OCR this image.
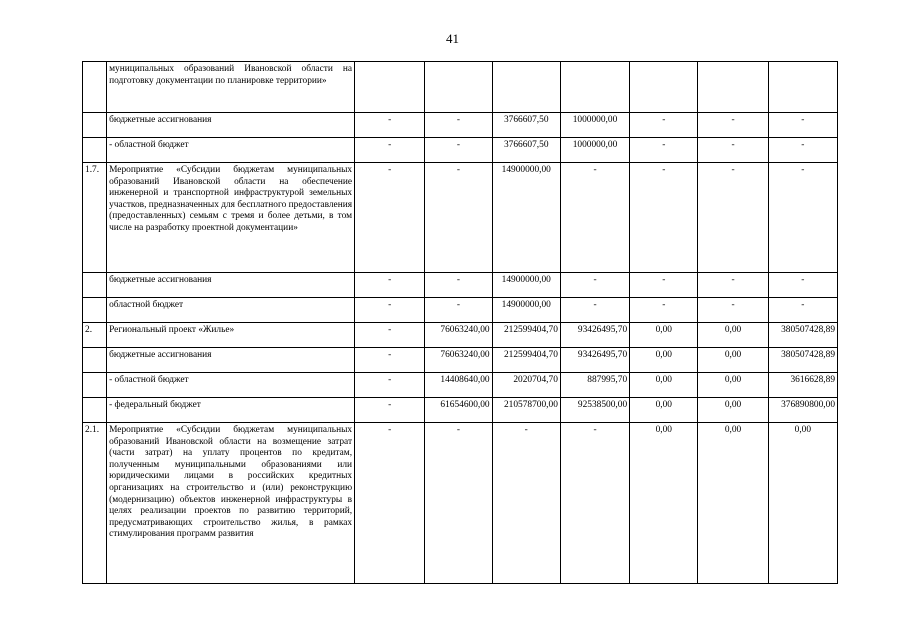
41
	муниципальных образований Ивановской области на подготовку документации по планировке территории»							
	бюджетные ассигнования	-	-	3766607,50	1000000,00	-	-	-
	- областной бюджет	-	-	3766607,50	1000000,00	-	-	-
1.7.	Мероприятие «Субсидии бюджетам муниципальных образований Ивановской области на обеспечение инженерной и транспортной инфраструктурой земельных участков, предназначенных для бесплатного предоставления (предоставленных) семьям с тремя и более детьми, в том числе на разработку проектной документации»	-	-	14900000,00	-	-	-	-
	бюджетные ассигнования	-	-	14900000,00	-	-	-	-
	областной бюджет	-	-	14900000,00	-	-	-	-
2.	Региональный проект «Жилье»	-	76063240,00	212599404,70	93426495,70	0,00	0,00	380507428,89
	бюджетные ассигнования	-	76063240,00	212599404,70	93426495,70	0,00	0,00	380507428,89
	- областной бюджет	-	14408640,00	2020704,70	887995,70	0,00	0,00	3616628,89
	- федеральный бюджет	-	61654600,00	210578700,00	92538500,00	0,00	0,00	376890800,00
2.1.	Мероприятие «Субсидии бюджетам муниципальных образований Ивановской области на возмещение затрат (части затрат) на уплату процентов по кредитам, полученным муниципальными образованиями или юридическими лицами в российских кредитных организациях на строительство и (или) реконструкцию (модернизацию) объектов инженерной инфраструктуры в целях реализации проектов по развитию территорий, предусматривающих строительство жилья, в рамках стимулирования программ развития	-	-	-	-	0,00	0,00	0,00
